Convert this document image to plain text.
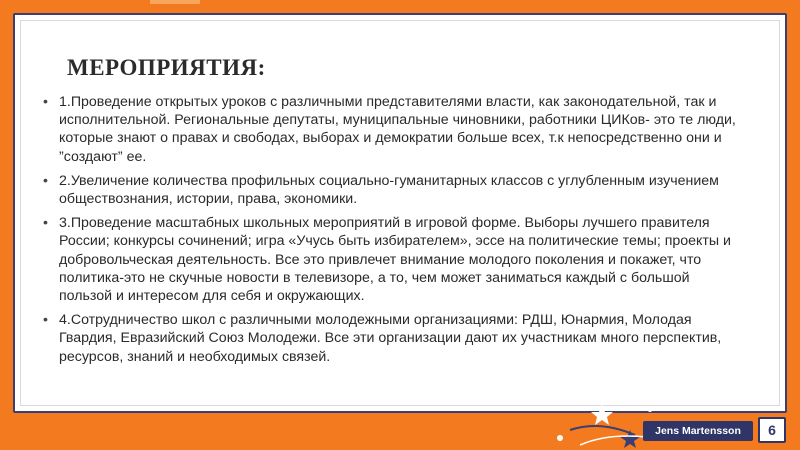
МЕРОПРИЯТИЯ:
• 1.Проведение открытых уроков с различными представителями власти, как законодательной, так и исполнительной. Региональные депутаты, муниципальные чиновники, работники ЦИКов- это те люди, которые знают о правах и свободах, выборах и демократии больше всех, т.к непосредственно они и ”создают” ее.
• 2.Увеличение количества профильных социально-гуманитарных классов с углубленным изучением обществознания, истории, права, экономики.
• 3.Проведение масштабных школьных мероприятий в игровой форме. Выборы лучшего правителя России; конкурсы сочинений; игра «Учусь быть избирателем», эссе на политические темы; проекты и добровольческая деятельность. Все это привлечет внимание молодого поколения и покажет, что политика-это не скучные новости в телевизоре, а то, чем может заниматься каждый с большой пользой и интересом для себя и окружающих.
• 4.Сотрудничество школ с различными молодежными организациями: РДШ, Юнармия, Молодая Гвардия, Евразийский Союз Молодежи. Все эти организации дают их участникам много перспектив, ресурсов, знаний и необходимых связей.
Jens Martensson	6
